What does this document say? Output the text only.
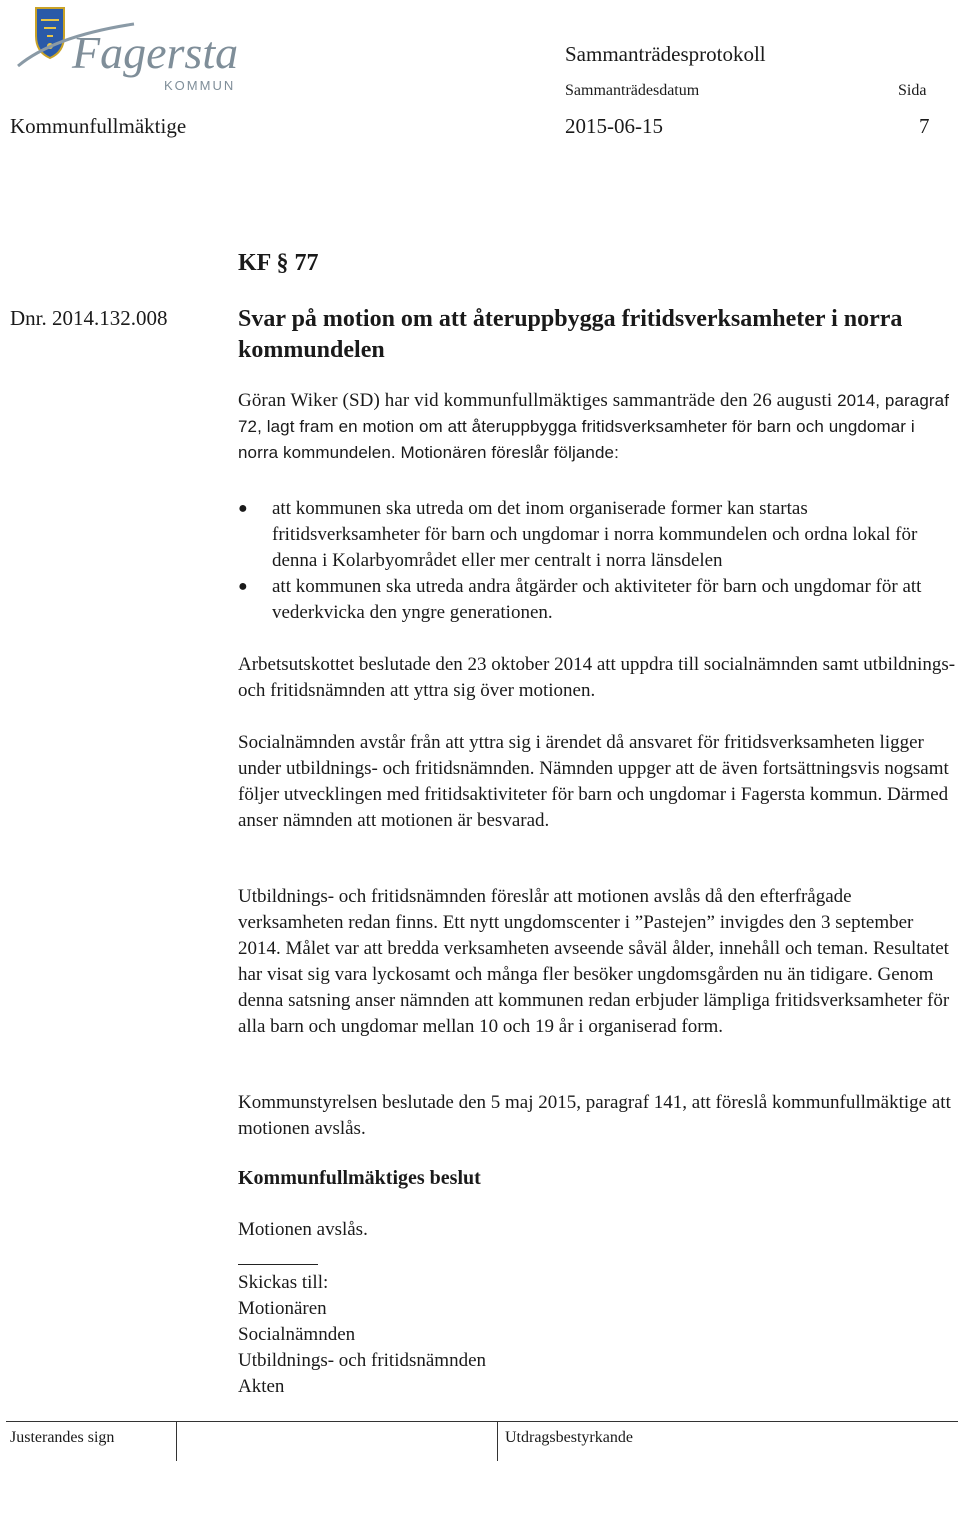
Fagersta
KOMMUN
Sammanträdesprotokoll
Sammanträdesdatum	Sida
Kommunfullmäktige	2015-06-15	7
KF § 77
Dnr. 2014.132.008	Svar på motion om att återuppbygga fritidsverksamheter i norra kommundelen
Göran Wiker (SD) har vid kommunfullmäktiges sammanträde den 26 augusti 2014, paragraf 72, lagt fram en motion om att återuppbygga fritidsverksamheter för barn och ungdomar i norra kommundelen. Motionären föreslår följande:
● att kommunen ska utreda om det inom organiserade former kan startas fritidsverksamheter för barn och ungdomar i norra kommundelen och ordna lokal för denna i Kolarbyområdet eller mer centralt i norra länsdelen
● att kommunen ska utreda andra åtgärder och aktiviteter för barn och ungdomar för att vederkvicka den yngre generationen.
Arbetsutskottet beslutade den 23 oktober 2014 att uppdra till socialnämnden samt utbildnings- och fritidsnämnden att yttra sig över motionen.
Socialnämnden avstår från att yttra sig i ärendet då ansvaret för fritidsverksamheten ligger under utbildnings- och fritidsnämnden. Nämnden uppger att de även fortsättningsvis nogsamt följer utvecklingen med fritidsaktiviteter för barn och ungdomar i Fagersta kommun. Därmed anser nämnden att motionen är besvarad.
Utbildnings- och fritidsnämnden föreslår att motionen avslås då den efterfrågade verksamheten redan finns. Ett nytt ungdomscenter i ”Pastejen” invigdes den 3 september 2014. Målet var att bredda verksamheten avseende såväl ålder, innehåll och teman. Resultatet har visat sig vara lyckosamt och många fler besöker ungdomsgården nu än tidigare. Genom denna satsning anser nämnden att kommunen redan erbjuder lämpliga fritidsverksamheter för alla barn och ungdomar mellan 10 och 19 år i organiserad form.
Kommunstyrelsen beslutade den 5 maj 2015, paragraf 141, att föreslå kommunfullmäktige att motionen avslås.
Kommunfullmäktiges beslut
Motionen avslås.
Skickas till:
Motionären
Socialnämnden
Utbildnings- och fritidsnämnden
Akten
Justerandes sign	Utdragsbestyrkande
